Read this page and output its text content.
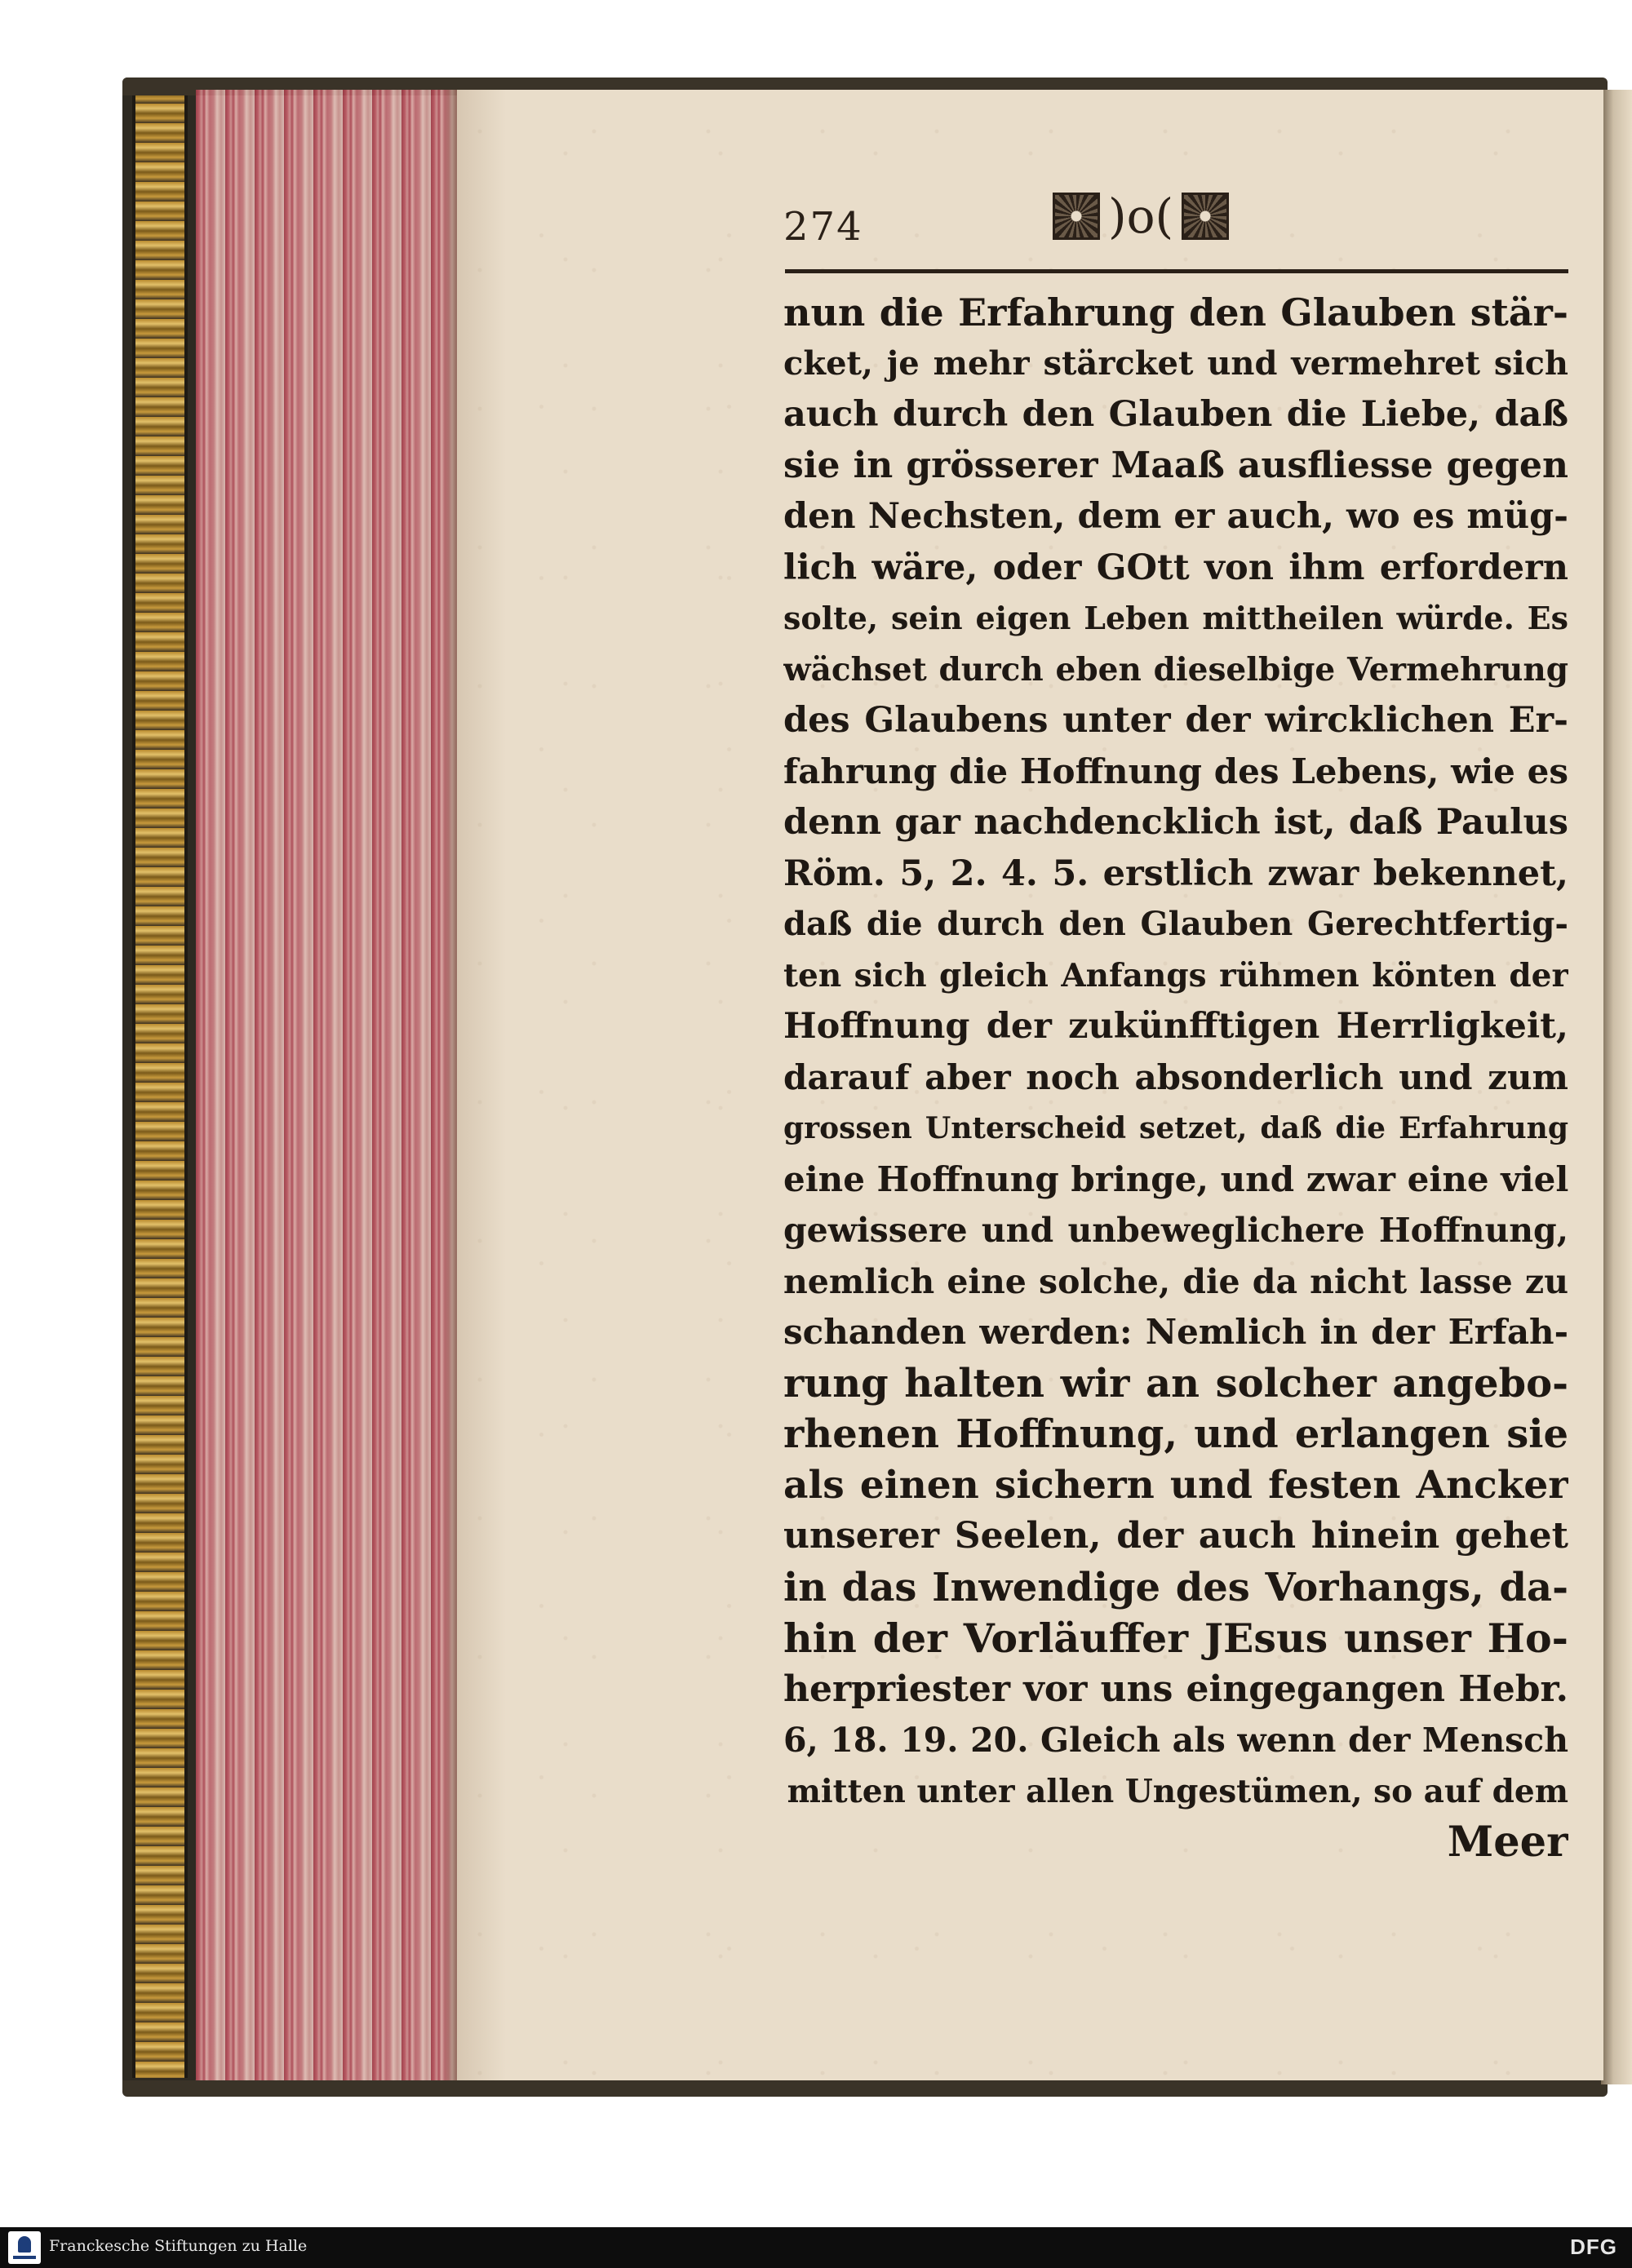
274	)o(
nun die Erfahrung den Glauben stär-
cket, je mehr stärcket und vermehret sich
auch durch den Glauben die Liebe, daß
sie in grösserer Maaß ausfliesse gegen
den Nechsten, dem er auch, wo es müg-
lich wäre, oder GOtt von ihm erfordern
solte, sein eigen Leben mittheilen würde. Es
wächset durch eben dieselbige Vermehrung
des Glaubens unter der wircklichen Er-
fahrung die Hoffnung des Lebens, wie es
denn gar nachdencklich ist, daß Paulus
Röm. 5, 2. 4. 5. erstlich zwar bekennet,
daß die durch den Glauben Gerechtfertig-
ten sich gleich Anfangs rühmen könten der
Hoffnung der zukünfftigen Herrligkeit,
darauf aber noch absonderlich und zum
grossen Unterscheid setzet, daß die Erfahrung
eine Hoffnung bringe, und zwar eine viel
gewissere und unbeweglichere Hoffnung,
nemlich eine solche, die da nicht lasse zu
schanden werden: Nemlich in der Erfah-
rung halten wir an solcher angebo-
rhenen Hoffnung, und erlangen sie
als einen sichern und festen Ancker
unserer Seelen, der auch hinein gehet
in das Inwendige des Vorhangs, da-
hin der Vorläuffer JEsus unser Ho-
herpriester vor uns eingegangen Hebr.
6, 18. 19. 20. Gleich als wenn der Mensch
mitten unter allen Ungestümen, so auf dem
Meer
Franckesche Stiftungen zu Halle	DFG
